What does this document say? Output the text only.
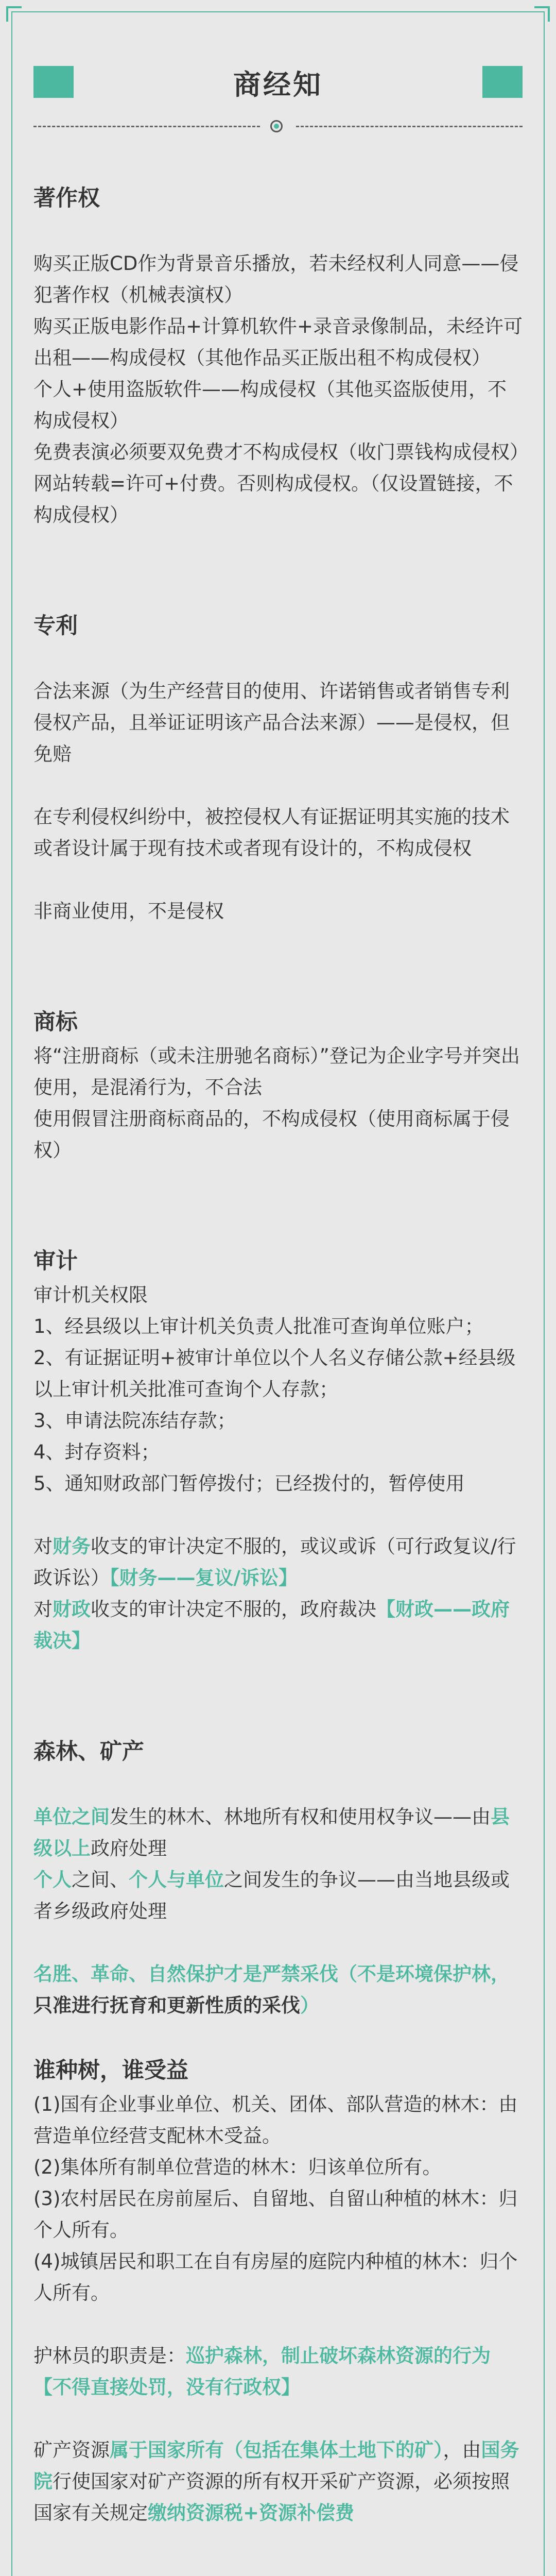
商经知
著作权

购买正版CD作为背景音乐播放，若未经权利人同意——侵犯著作权（机械表演权）

购买正版电影作品+计算机软件+录音录像制品，未经许可出租——构成侵权（其他作品买正版出租不构成侵权）

个人+使用盗版软件——构成侵权（其他买盗版使用，不构成侵权）

免费表演必须要双免费才不构成侵权（收门票钱构成侵权）

网站转载=许可+付费。否则构成侵权。（仅设置链接，不构成侵权）

专利

合法来源（为生产经营目的使用、许诺销售或者销售专利侵权产品，且举证证明该产品合法来源）——是侵权，但免赔

在专利侵权纠纷中，被控侵权人有证据证明其实施的技术或者设计属于现有技术或者现有设计的，不构成侵权

非商业使用，不是侵权

商标

将“注册商标（或未注册驰名商标）”登记为企业字号并突出使用，是混淆行为，不合法

使用假冒注册商标商品的，不构成侵权（使用商标属于侵权）

审计

审计机关权限

1、经县级以上审计机关负责人批准可查询单位账户；

2、有证据证明+被审计单位以个人名义存储公款+经县级以上审计机关批准可查询个人存款；

3、申请法院冻结存款；

4、封存资料；

5、通知财政部门暂停拨付；已经拨付的，暂停使用

对财务收支的审计决定不服的，或议或诉（可行政复议/行政诉讼）【财务——复议/诉讼】

对财政收支的审计决定不服的，政府裁决【财政——政府裁决】

森林、矿产

单位之间发生的林木、林地所有权和使用权争议——由县级以上政府处理

个人之间、个人与单位之间发生的争议——由当地县级或者乡级政府处理

名胜、革命、自然保护才是严禁采伐（不是环境保护林，只准进行抚育和更新性质的采伐）

谁种树，谁受益

(1)国有企业事业单位、机关、团体、部队营造的林木：由营造单位经营支配林木受益。

(2)集体所有制单位营造的林木：归该单位所有。

(3)农村居民在房前屋后、自留地、自留山种植的林木：归个人所有。

(4)城镇居民和职工在自有房屋的庭院内种植的林木：归个人所有。

护林员的职责是：巡护森林，制止破坏森林资源的行为【不得直接处罚，没有行政权】

矿产资源属于国家所有（包括在集体土地下的矿），由国务院行使国家对矿产资源的所有权开采矿产资源，必须按照国家有关规定缴纳资源税+资源补偿费
